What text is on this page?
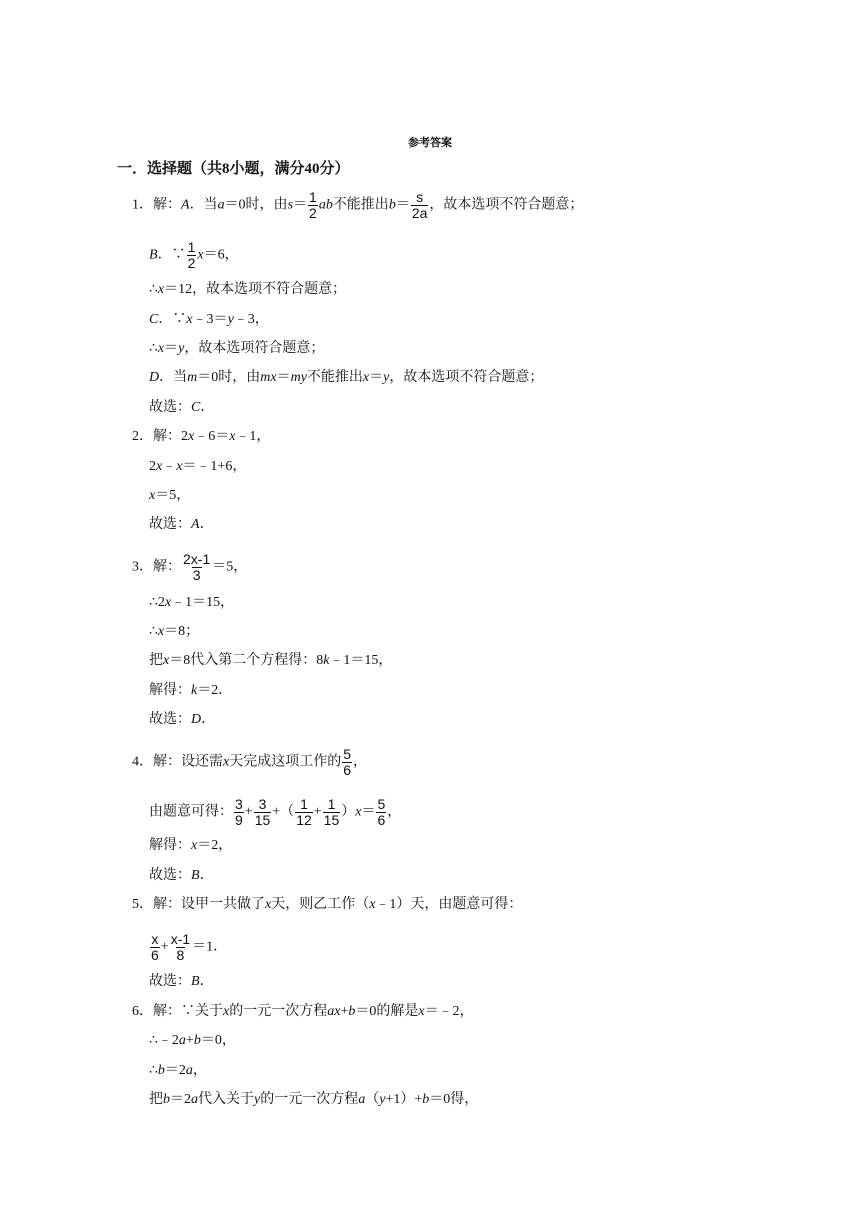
参考答案
一．选择题（共8小题，满分40分）
1．解：A．当a＝0时，由$s= \frac{1}{2}$ ab不能推出$b= \frac{s}{2a}$ ，故本选项不符合题意；
B．∵ $\frac{1}{2} x=6$，
∴x＝12，故本选项不符合题意；
C．∵x﹣3＝y﹣3，
∴x＝y，故本选项符合题意；
D．当m＝0时，由mx＝my不能推出x＝y，故本选项不符合题意；
故选：C．
2．解：2x﹣6＝x﹣1，
2x﹣x＝﹣1+6，
x＝5，
故选：A．
3．解： $\frac{2x-1}{3} =5$，
∴2x﹣1＝15，
∴x＝8；
把x＝8代入第二个方程得：8k﹣1＝15，
解得：k＝2．
故选：D．
4．解：设还需x天完成这项工作的 $\frac{5}{6}$ ，
由题意可得： $\frac{3}{9} + \frac{3}{15}$ +（ $\frac{1}{12} + \frac{1}{15} )x= \frac{5}{6}$ ，
解得：x＝2，
故选：B．
5．解：设甲一共做了x天，则乙工作（x﹣1）天，由题意可得：
$\frac{x}{6} + \frac{x-1}{8} =1$．
故选：B．
6．解：∵关于x的一元一次方程ax+b＝0的解是x＝﹣2，
∴﹣2a+b＝0，
∴b＝2a，
把b＝2a代入关于y的一元一次方程a（y+1）+b＝0得，
